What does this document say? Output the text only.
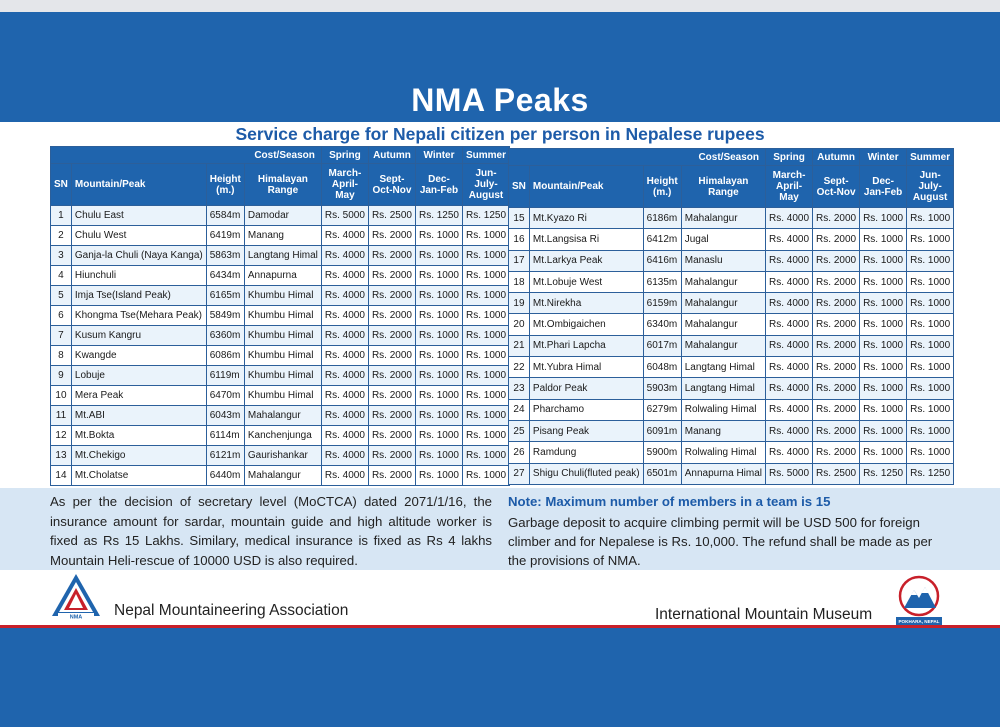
NMA Peaks
Service charge for Nepali citizen per person in Nepalese rupees
Cost/Season				Spring	Autumn	Winter	Summer
SN	Mountain/Peak	Height (m.)	Himalayan Range	March-April-May	Sept-Oct-Nov	Dec-Jan-Feb	Jun-July-August
1	Chulu East	6584m	Damodar	Rs. 5000	Rs. 2500	Rs. 1250	Rs. 1250
2	Chulu West	6419m	Manang	Rs. 4000	Rs. 2000	Rs. 1000	Rs. 1000
3	Ganja-la Chuli (Naya Kanga)	5863m	Langtang Himal	Rs. 4000	Rs. 2000	Rs. 1000	Rs. 1000
4	Hiunchuli	6434m	Annapurna	Rs. 4000	Rs. 2000	Rs. 1000	Rs. 1000
5	Imja Tse(Island Peak)	6165m	Khumbu Himal	Rs. 4000	Rs. 2000	Rs. 1000	Rs. 1000
6	Khongma Tse(Mehara Peak)	5849m	Khumbu Himal	Rs. 4000	Rs. 2000	Rs. 1000	Rs. 1000
7	Kusum Kangru	6360m	Khumbu Himal	Rs. 4000	Rs. 2000	Rs. 1000	Rs. 1000
8	Kwangde	6086m	Khumbu Himal	Rs. 4000	Rs. 2000	Rs. 1000	Rs. 1000
9	Lobuje	6119m	Khumbu Himal	Rs. 4000	Rs. 2000	Rs. 1000	Rs. 1000
10	Mera Peak	6470m	Khumbu Himal	Rs. 4000	Rs. 2000	Rs. 1000	Rs. 1000
11	Mt.ABI	6043m	Mahalangur	Rs. 4000	Rs. 2000	Rs. 1000	Rs. 1000
12	Mt.Bokta	6114m	Kanchenjunga	Rs. 4000	Rs. 2000	Rs. 1000	Rs. 1000
13	Mt.Chekigo	6121m	Gaurishankar	Rs. 4000	Rs. 2000	Rs. 1000	Rs. 1000
14	Mt.Cholatse	6440m	Mahalangur	Rs. 4000	Rs. 2000	Rs. 1000	Rs. 1000
Cost/Season				Spring	Autumn	Winter	Summer
SN	Mountain/Peak	Height (m.)	Himalayan Range	March-April-May	Sept-Oct-Nov	Dec-Jan-Feb	Jun-July-August
15	Mt.Kyazo Ri	6186m	Mahalangur	Rs. 4000	Rs. 2000	Rs. 1000	Rs. 1000
16	Mt.Langsisa Ri	6412m	Jugal	Rs. 4000	Rs. 2000	Rs. 1000	Rs. 1000
17	Mt.Larkya Peak	6416m	Manaslu	Rs. 4000	Rs. 2000	Rs. 1000	Rs. 1000
18	Mt.Lobuje West	6135m	Mahalangur	Rs. 4000	Rs. 2000	Rs. 1000	Rs. 1000
19	Mt.Nirekha	6159m	Mahalangur	Rs. 4000	Rs. 2000	Rs. 1000	Rs. 1000
20	Mt.Ombigaichen	6340m	Mahalangur	Rs. 4000	Rs. 2000	Rs. 1000	Rs. 1000
21	Mt.Phari Lapcha	6017m	Mahalangur	Rs. 4000	Rs. 2000	Rs. 1000	Rs. 1000
22	Mt.Yubra Himal	6048m	Langtang Himal	Rs. 4000	Rs. 2000	Rs. 1000	Rs. 1000
23	Paldor Peak	5903m	Langtang Himal	Rs. 4000	Rs. 2000	Rs. 1000	Rs. 1000
24	Pharchamo	6279m	Rolwaling Himal	Rs. 4000	Rs. 2000	Rs. 1000	Rs. 1000
25	Pisang Peak	6091m	Manang	Rs. 4000	Rs. 2000	Rs. 1000	Rs. 1000
26	Ramdung	5900m	Rolwaling Himal	Rs. 4000	Rs. 2000	Rs. 1000	Rs. 1000
27	Shigu Chuli(fluted peak)	6501m	Annapurna Himal	Rs. 5000	Rs. 2500	Rs. 1250	Rs. 1250
As per the decision of secretary level (MoCTCA) dated 2071/1/16, the insurance amount for sardar, mountain guide and high altitude worker is fixed as Rs 15 Lakhs. Similary, medical insurance is fixed as Rs 4 lakhs Mountain Heli-rescue of 10000 USD is also required.
Note: Maximum number of members in a team is 15
Garbage deposit to acquire climbing permit will be USD 500 for foreign climber and for Nepalese is Rs. 10,000. The refund shall be made as per the provisions of NMA.
NMA Nepal Mountaineering Association	International Mountain Museum	POKHARA, NEPAL
